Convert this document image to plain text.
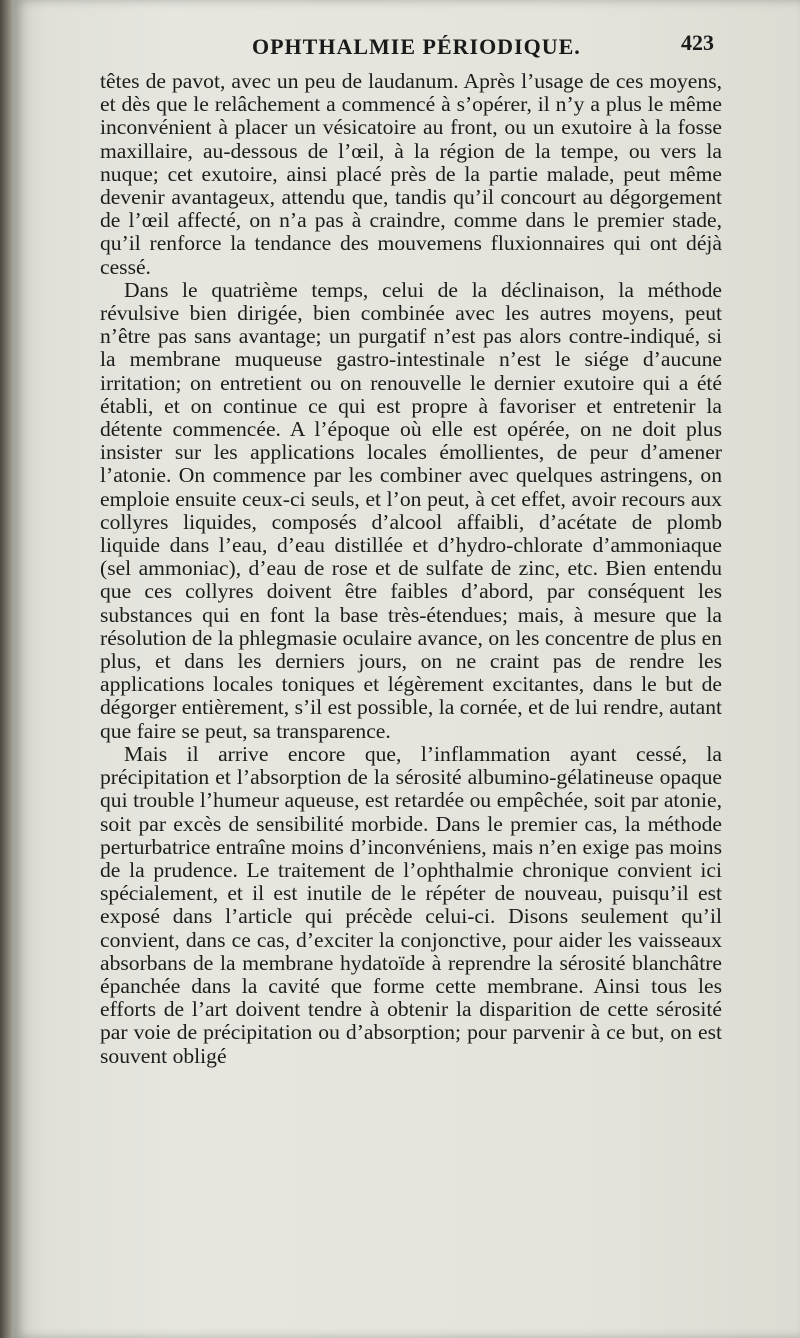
OPHTHALMIE PÉRIODIQUE.	423

têtes de pavot, avec un peu de laudanum. Après l’usage de ces moyens, et dès que le relâchement a commencé à s’opérer, il n’y a plus le même inconvénient à placer un vésicatoire au front, ou un exutoire à la fosse maxillaire, au-dessous de l’œil, à la région de la tempe, ou vers la nuque; cet exutoire, ainsi placé près de la partie malade, peut même devenir avantageux, attendu que, tandis qu’il concourt au dégorgement de l’œil affecté, on n’a pas à craindre, comme dans le premier stade, qu’il renforce la tendance des mouvemens fluxionnaires qui ont déjà cessé.

Dans le quatrième temps, celui de la déclinaison, la méthode révulsive bien dirigée, bien combinée avec les autres moyens, peut n’être pas sans avantage; un purgatif n’est pas alors contre-indiqué, si la membrane muqueuse gastro-intestinale n’est le siége d’aucune irritation; on entretient ou on renouvelle le dernier exutoire qui a été établi, et on continue ce qui est propre à favoriser et entretenir la détente commencée. A l’époque où elle est opérée, on ne doit plus insister sur les applications locales émollientes, de peur d’amener l’atonie. On commence par les combiner avec quelques astringens, on emploie ensuite ceux-ci seuls, et l’on peut, à cet effet, avoir recours aux collyres liquides, composés d’alcool affaibli, d’acétate de plomb liquide dans l’eau, d’eau distillée et d’hydro-chlorate d’ammoniaque (sel ammoniac), d’eau de rose et de sulfate de zinc, etc. Bien entendu que ces collyres doivent être faibles d’abord, par conséquent les substances qui en font la base très-étendues; mais, à mesure que la résolution de la phlegmasie oculaire avance, on les concentre de plus en plus, et dans les derniers jours, on ne craint pas de rendre les applications locales toniques et légèrement excitantes, dans le but de dégorger entièrement, s’il est possible, la cornée, et de lui rendre, autant que faire se peut, sa transparence.

Mais il arrive encore que, l’inflammation ayant cessé, la précipitation et l’absorption de la sérosité albumino-gélatineuse opaque qui trouble l’humeur aqueuse, est retardée ou empêchée, soit par atonie, soit par excès de sensibilité morbide. Dans le premier cas, la méthode perturbatrice entraîne moins d’inconvéniens, mais n’en exige pas moins de la prudence. Le traitement de l’ophthalmie chronique convient ici spécialement, et il est inutile de le répéter de nouveau, puisqu’il est exposé dans l’article qui précède celui-ci. Disons seulement qu’il convient, dans ce cas, d’exciter la conjonctive, pour aider les vaisseaux absorbans de la membrane hydatoïde à reprendre la sérosité blanchâtre épanchée dans la cavité que forme cette membrane. Ainsi tous les efforts de l’art doivent tendre à obtenir la disparition de cette sérosité par voie de précipitation ou d’absorption; pour parvenir à ce but, on est souvent obligé
